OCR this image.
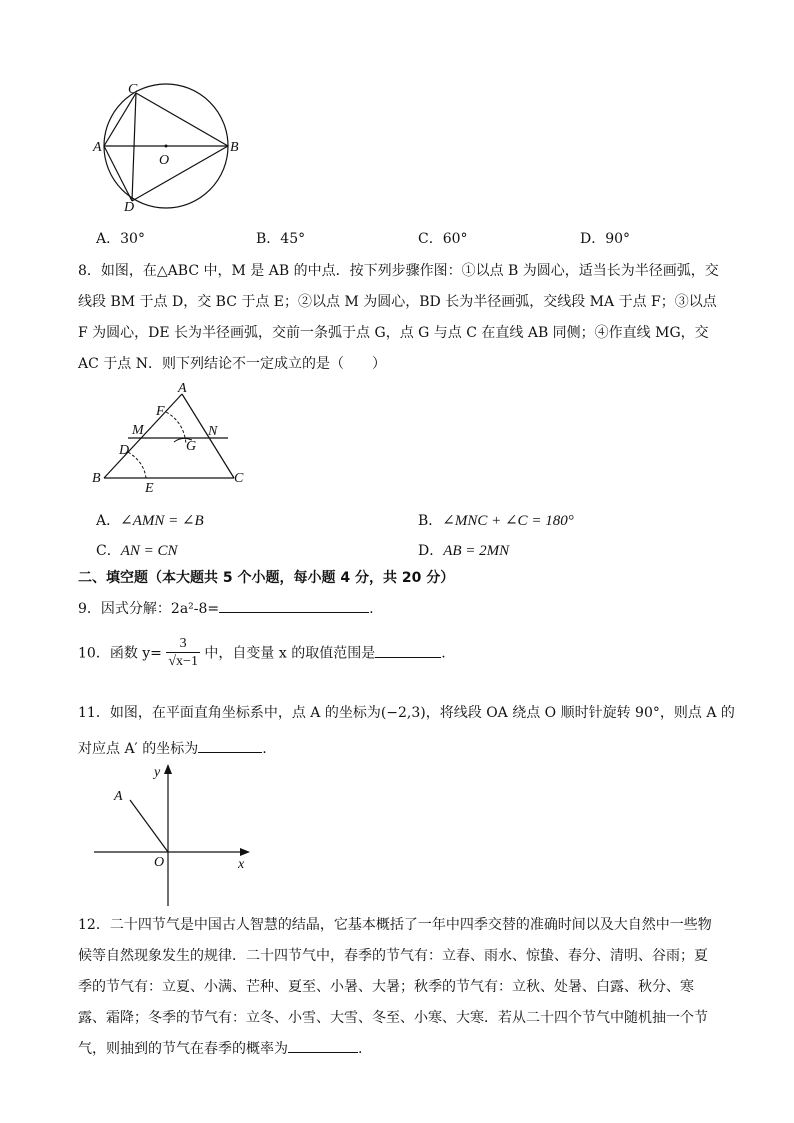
C
A
O
B
D
A．30°	B．45°	C．60°	D．90°
8．如图，在△ABC 中，M 是 AB 的中点．按下列步骤作图：①以点 B 为圆心，适当长为半径画弧，交
线段 BM 于点 D，交 BC 于点 E；②以点 M 为圆心，BD 长为半径画弧，交线段 MA 于点 F；③以点
F 为圆心，DE 长为半径画弧，交前一条弧于点 G，点 G 与点 C 在直线 AB 同侧；④作直线 MG，交
AC 于点 N．则下列结论不一定成立的是（　　）
A
F
M	N
G
D
B
E
C
A．∠AMN = ∠B	B．∠MNC + ∠C = 180°
C．AN = CN	D．AB = 2MN
二、填空题（本大题共 5 个小题，每小题 4 分，共 20 分）
9．因式分解：2a²-8=	.
10．函数 $y= \frac{3}{√x-1}$ 中，自变量 x 的取值范围是	.
11．如图，在平面直角坐标系中，点 A 的坐标为(−2,3)，将线段 OA 绕点 O 顺时针旋转 90°，则点 A 的
对应点 A′ 的坐标为	.
y
A
O	x
12．二十四节气是中国古人智慧的结晶，它基本概括了一年中四季交替的准确时间以及大自然中一些物
候等自然现象发生的规律．二十四节气中，春季的节气有：立春、雨水、惊蛰、春分、清明、谷雨；夏
季的节气有：立夏、小满、芒种、夏至、小暑、大暑；秋季的节气有：立秋、处暑、白露、秋分、寒
露、霜降；冬季的节气有：立冬、小雪、大雪、冬至、小寒、大寒．若从二十四个节气中随机抽一个节
气，则抽到的节气在春季的概率为	.
